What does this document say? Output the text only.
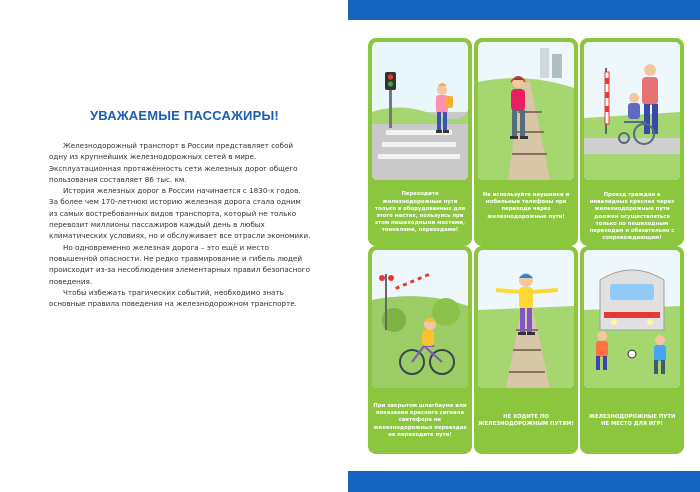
УВАЖАЕМЫЕ ПАССАЖИРЫ!

Железнодорожный транспорт в России представляет собой одну из крупнейших железнодорожных сетей в мире. Эксплуатационная протяжённость сети железных дорог общего пользования составляет 86 тыс. км.

История железных дорог в России начинается с 1830-х годов. За более чем 170-летнюю историю железная дорога стала одним из самых востребованных видов транспорта, который не только перевозит миллионы пассажиров каждый день в любых климатических условиях, но и обслуживает все отрасли экономики.

Но одновременно железная дорога – это ещё и место повышенной опасности. Не редко травмирование и гибель людей происходит из-за несоблюдения элементарных правил безопасного поведения.

Чтобы избежать трагических событий, необходимо знать основные правила поведения на железнодорожном транспорте.

Переходите железнодорожные пути только в оборудованных для этого местах, пользуясь при этом пешеходными мостами, тоннелями, переездами!
Не используйте наушники и мобильные телефоны при переходе через железнодорожные пути!
Проезд граждан в инвалидных креслах через железнодорожные пути должен осуществляться только по пешеходным переходам и обязательно с сопровождающим!
При закрытом шлагбауме или показании красного сигнала светофора не железнодорожных переездах не переходите пути!
НЕ ХОДИТЕ ПО ЖЕЛЕЗНОДОРОЖНЫМ ПУТЯМ!
ЖЕЛЕЗНОДОРОЖНЫЕ ПУТИ НЕ МЕСТО ДЛЯ ИГР!
